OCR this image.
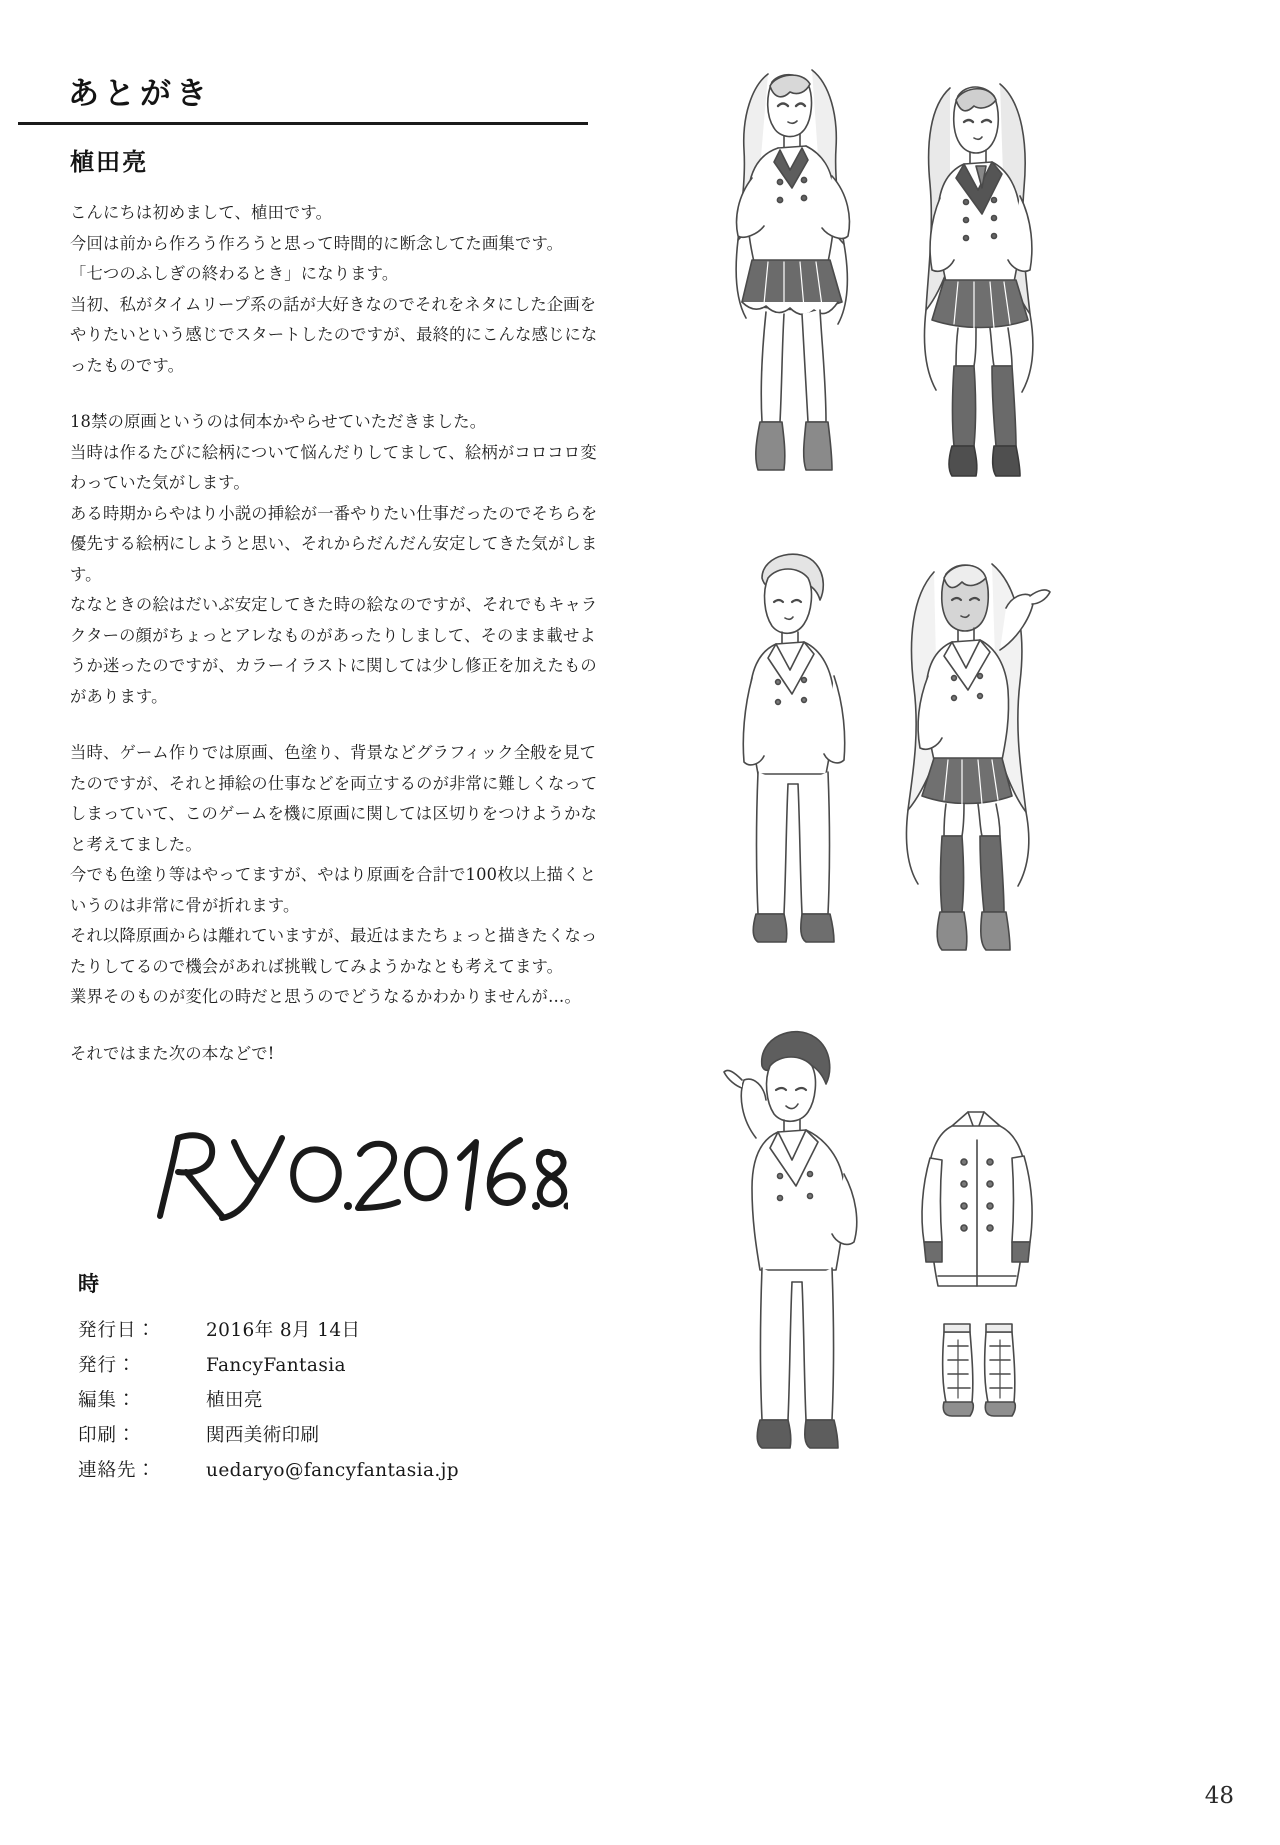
あとがき
植田亮

こんにちは初めまして、植田です。
今回は前から作ろう作ろうと思って時間的に断念してた画集です。
「七つのふしぎの終わるとき」になります。
当初、私がタイムリープ系の話が大好きなのでそれをネタにした企画をやりたいという感じでスタートしたのですが、最終的にこんな感じになったものです。

18禁の原画というのは伺本かやらせていただきました。
当時は作るたびに絵柄について悩んだりしてまして、絵柄がコロコロ変わっていた気がします。
ある時期からやはり小説の挿絵が一番やりたい仕事だったのでそちらを優先する絵柄にしようと思い、それからだんだん安定してきた気がします。
ななときの絵はだいぶ安定してきた時の絵なのですが、それでもキャラクターの顔がちょっとアレなものがあったりしまして、そのまま載せようか迷ったのですが、カラーイラストに関しては少し修正を加えたものがあります。

当時、ゲーム作りでは原画、色塗り、背景などグラフィック全般を見てたのですが、それと挿絵の仕事などを両立するのが非常に難しくなってしまっていて、このゲームを機に原画に関しては区切りをつけようかなと考えてました。
今でも色塗り等はやってますが、やはり原画を合計で100枚以上描くというのは非常に骨が折れます。
それ以降原画からは離れていますが、最近はまたちょっと描きたくなったりしてるので機会があれば挑戦してみようかなとも考えてます。
業界そのものが変化の時だと思うのでどうなるかわかりませんが…。

それではまた次の本などで!

時
発行日：	2016年 8月 14日
発行：	FancyFantasia
編集：	植田亮
印刷：	関西美術印刷
連絡先：	uedaryo@fancyfantasia.jp
48
